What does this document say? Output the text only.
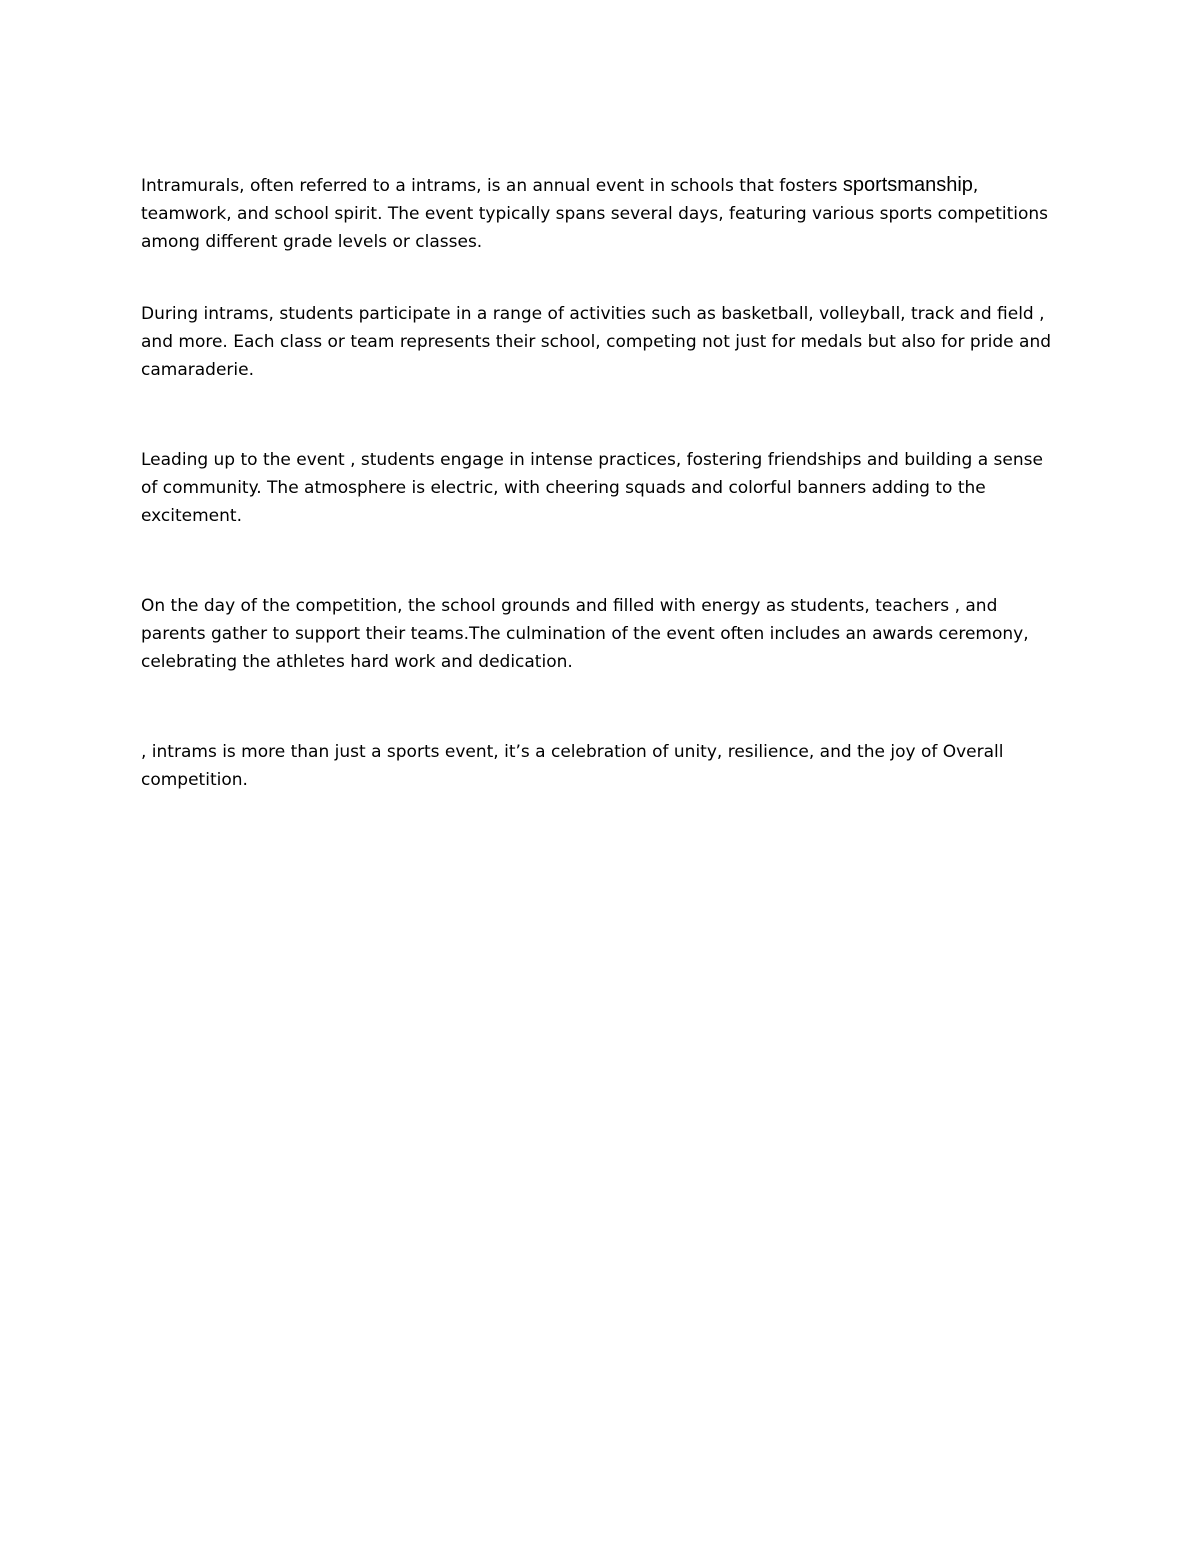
Intramurals, often referred to a intrams, is an annual event in schools that fosters sportsmanship, teamwork, and school spirit. The event typically spans several days, featuring various sports competitions among different grade levels or classes.

During intrams, students participate in a range of activities such as basketball, volleyball, track and field , and more. Each class or team represents their school, competing not just for medals but also for pride and camaraderie.

Leading up to the event , students engage in intense practices, fostering friendships and building a sense of community. The atmosphere is electric, with cheering squads and colorful banners adding to the excitement.

On the day of the competition, the school grounds and filled with energy as students, teachers , and parents gather to support their teams.The culmination of the event often includes an awards ceremony, celebrating the athletes hard work and dedication.

, intrams is more than just a sports event, it’s a celebration of unity, resilience, and the joy of Overall competition.
